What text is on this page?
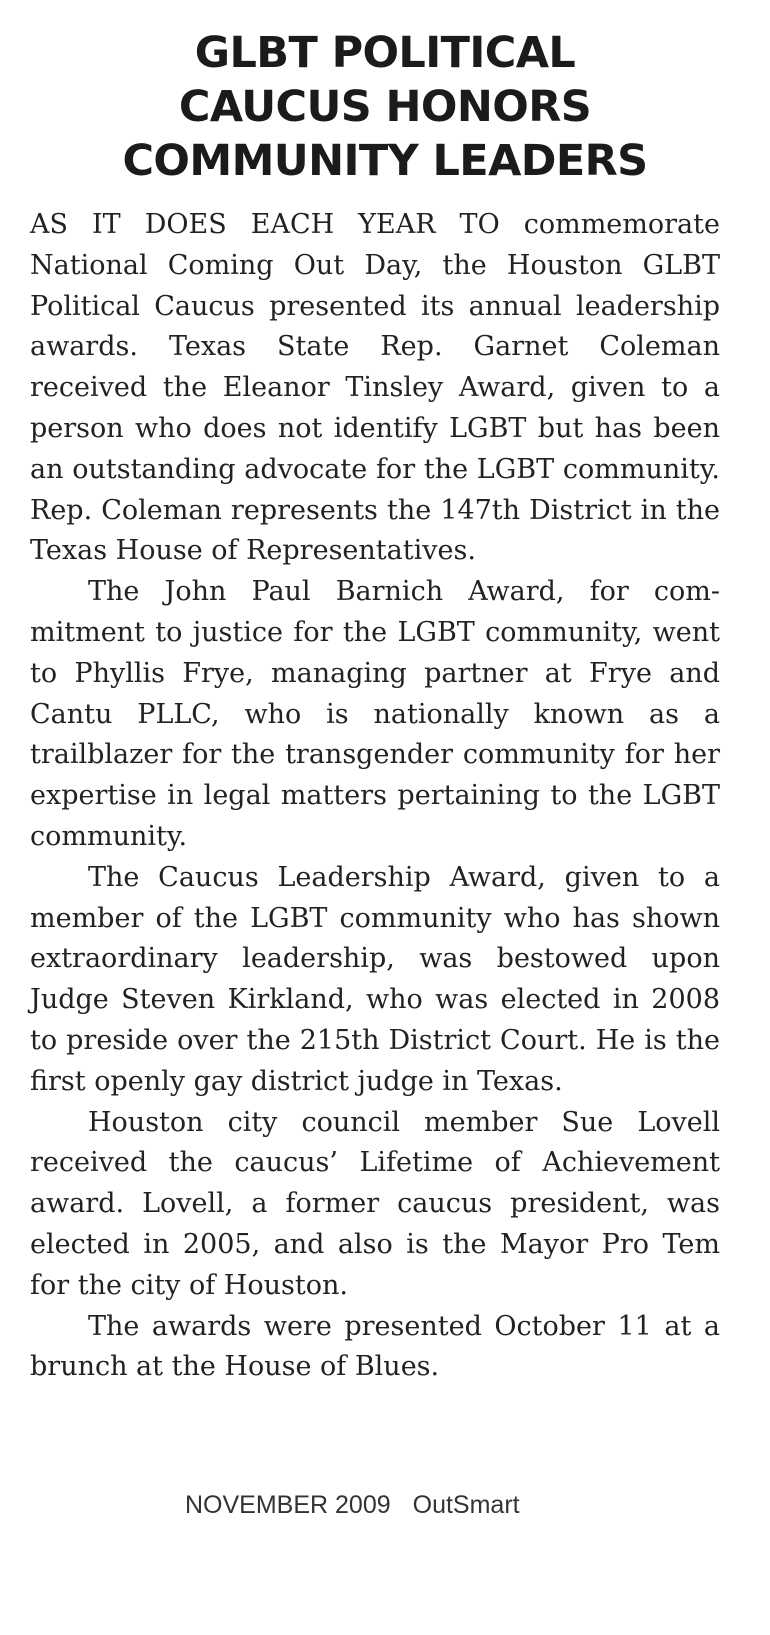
GLBT POLITICAL
CAUCUS HONORS
COMMUNITY LEADERS

AS IT DOES EACH YEAR TO commemorate National Coming Out Day, the Houston GLBT Political Caucus presented its annual leadership awards. Texas State Rep. Garnet Coleman received the Eleanor Tinsley Award, given to a person who does not identify LGBT but has been an outstanding advocate for the LGBT community. Rep. Coleman represents the 147th District in the Texas House of Representatives.

The John Paul Barnich Award, for commitment to justice for the LGBT community, went to Phyllis Frye, managing partner at Frye and Cantu PLLC, who is nationally known as a trailblazer for the transgender community for her expertise in legal matters pertaining to the LGBT community.

The Caucus Leadership Award, given to a member of the LGBT community who has shown extraordinary leadership, was bestowed upon Judge Steven Kirkland, who was elected in 2008 to preside over the 215th District Court. He is the first openly gay district judge in Texas.

Houston city council member Sue Lovell received the caucus’ Lifetime of Achievement award. Lovell, a former caucus president, was elected in 2005, and also is the Mayor Pro Tem for the city of Houston.

The awards were presented October 11 at a brunch at the House of Blues.

NOVEMBER 2009 OutSmart
